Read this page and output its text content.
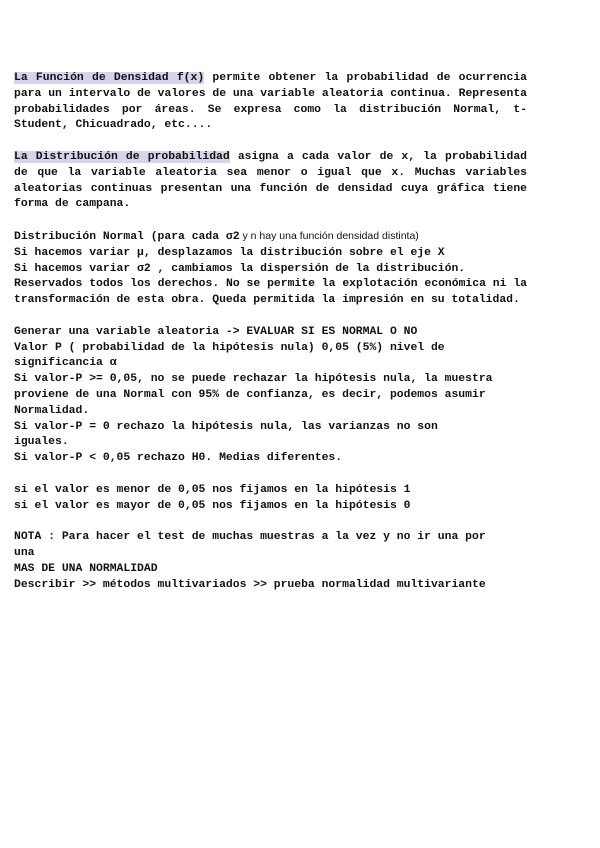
La Función de Densidad f(x) permite obtener la probabilidad de ocurrencia para un intervalo de valores de una variable aleatoria continua. Representa probabilidades por áreas. Se expresa como la distribución Normal, t-Student, Chicuadrado, etc....

La Distribución de probabilidad asigna a cada valor de x, la probabilidad de que la variable aleatoria sea menor o igual que x. Muchas variables aleatorias continuas presentan una función de densidad cuya gráfica tiene forma de campana.

Distribución Normal (para cada σ2 y n hay una función densidad distinta)
Si hacemos variar µ, desplazamos la distribución sobre el eje X
Si hacemos variar σ2 , cambiamos la dispersión de la distribución.
Reservados todos los derechos. No se permite la explotación económica ni la transformación de esta obra. Queda permitida la impresión en su totalidad.
Generar una variable aleatoria -> EVALUAR SI ES NORMAL O NO
Valor P ( probabilidad de la hipótesis nula) 0,05 (5%) nivel de
significancia α
Si valor-P >= 0,05, no se puede rechazar la hipótesis nula, la muestra
proviene de una Normal con 95% de confianza, es decir, podemos asumir
Normalidad.
Si valor-P = 0 rechazo la hipótesis nula, las varianzas no son
iguales.
Si valor-P < 0,05 rechazo H0. Medias diferentes.
si el valor es menor de 0,05 nos fijamos en la hipótesis 1
si el valor es mayor de 0,05 nos fijamos en la hipótesis 0
NOTA : Para hacer el test de muchas muestras a la vez y no ir una por
una
MAS DE UNA NORMALIDAD
Describir >> métodos multivariados >> prueba normalidad multivariante
